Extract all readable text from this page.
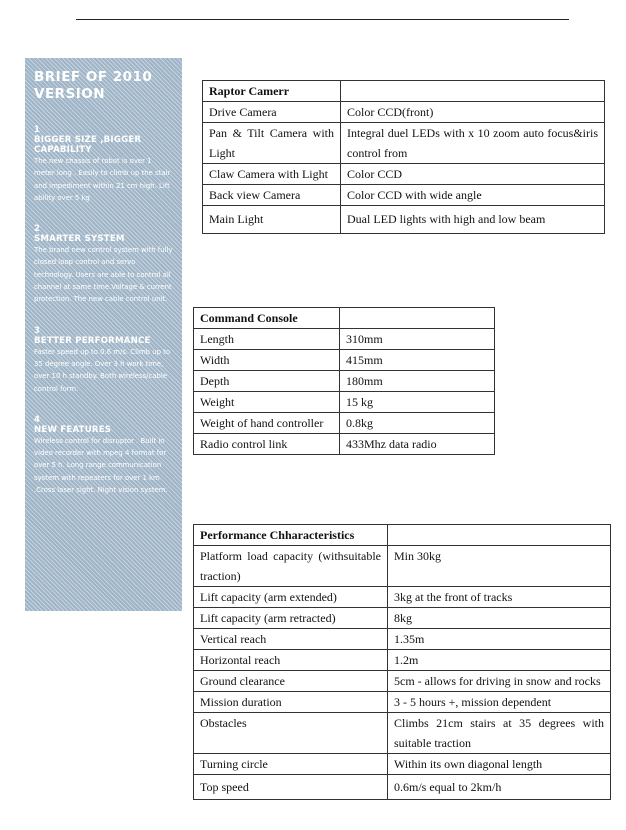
BRIEF OF 2010 VERSION
1
BIGGER SIZE ,BIGGER CAPABILITY
The new chassis of robot is over 1 meter long . Easily to climb up the stair and impediment within 21 cm high. Lift ability over 5 kg
2
SMARTER SYSTEM
The brand new control system with fully closed loop control and servo technology. Users are able to control all channel at same time.Voltage & current protection. The new cable control unit.
3
BETTER PERFORMANCE
Faster speed up to 0.6 m/s. Climb up to 35 degree angle. Over 3 h work time, over 10 h standby. Both wireless/cable control form.
4
NEW FEATURES
Wireless control for disruptor . Built in video recorder with mpeg 4 format for over 5 h. Long range communication system with repeaters for over 1 km .Cross laser sight. Night vision system.
Raptor Camerr	
Drive Camera	Color CCD(front)
Pan & Tilt Camera with Light	Integral duel LEDs with x 10 zoom auto focus&iris control from
Claw Camera with Light	Color CCD
Back view Camera	Color CCD with wide angle
Main Light	Dual LED lights with high and low beam
Command Console	
Length	310mm
Width	415mm
Depth	180mm
Weight	15 kg
Weight of hand controller	0.8kg
Radio control link	433Mhz data radio
Performance Chharacteristics	
Platform load capacity (withsuitable traction)	Min 30kg
Lift capacity (arm extended)	3kg at the front of tracks
Lift capacity (arm retracted)	8kg
Vertical reach	1.35m
Horizontal reach	1.2m
Ground clearance	5cm - allows for driving in snow and rocks
Mission duration	3 - 5 hours +, mission dependent
Obstacles	Climbs 21cm stairs at 35 degrees with suitable traction
Turning circle	Within its own diagonal length
Top speed	0.6m/s equal to 2km/h
